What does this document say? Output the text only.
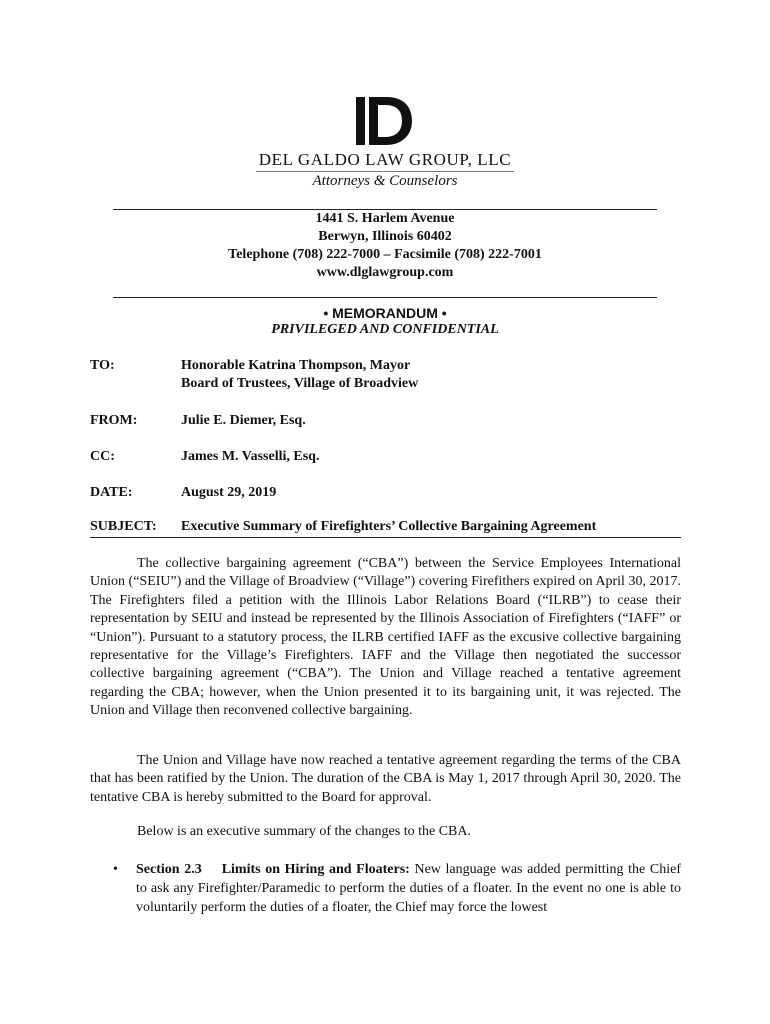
DEL GALDO LAW GROUP, LLC
Attorneys & Counselors
1441 S. Harlem Avenue
Berwyn, Illinois 60402
Telephone (708) 222-7000 – Facsimile (708) 222-7001
www.dlglawgroup.com
• MEMORANDUM •
PRIVILEGED AND CONFIDENTIAL
TO:	Honorable Katrina Thompson, Mayor
Board of Trustees, Village of Broadview
FROM:	Julie E. Diemer, Esq.
CC:	James M. Vasselli, Esq.
DATE:	August 29, 2019
SUBJECT: Executive Summary of Firefighters’ Collective Bargaining Agreement

The collective bargaining agreement (“CBA”) between the Service Employees International Union (“SEIU”) and the Village of Broadview (“Village”) covering Firefithers expired on April 30, 2017. The Firefighters filed a petition with the Illinois Labor Relations Board (“ILRB”) to cease their representation by SEIU and instead be represented by the Illinois Association of Firefighters (“IAFF” or “Union”). Pursuant to a statutory process, the ILRB certified IAFF as the excusive collective bargaining representative for the Village’s Firefighters. IAFF and the Village then negotiated the successor collective bargaining agreement (“CBA”). The Union and Village reached a tentative agreement regarding the CBA; however, when the Union presented it to its bargaining unit, it was rejected. The Union and Village then reconvened collective bargaining.

The Union and Village have now reached a tentative agreement regarding the terms of the CBA that has been ratified by the Union. The duration of the CBA is May 1, 2017 through April 30, 2020. The tentative CBA is hereby submitted to the Board for approval.

Below is an executive summary of the changes to the CBA.

• Section 2.3 Limits on Hiring and Floaters: New language was added permitting the Chief to ask any Firefighter/Paramedic to perform the duties of a floater. In the event no one is able to voluntarily perform the duties of a floater, the Chief may force the lowest
